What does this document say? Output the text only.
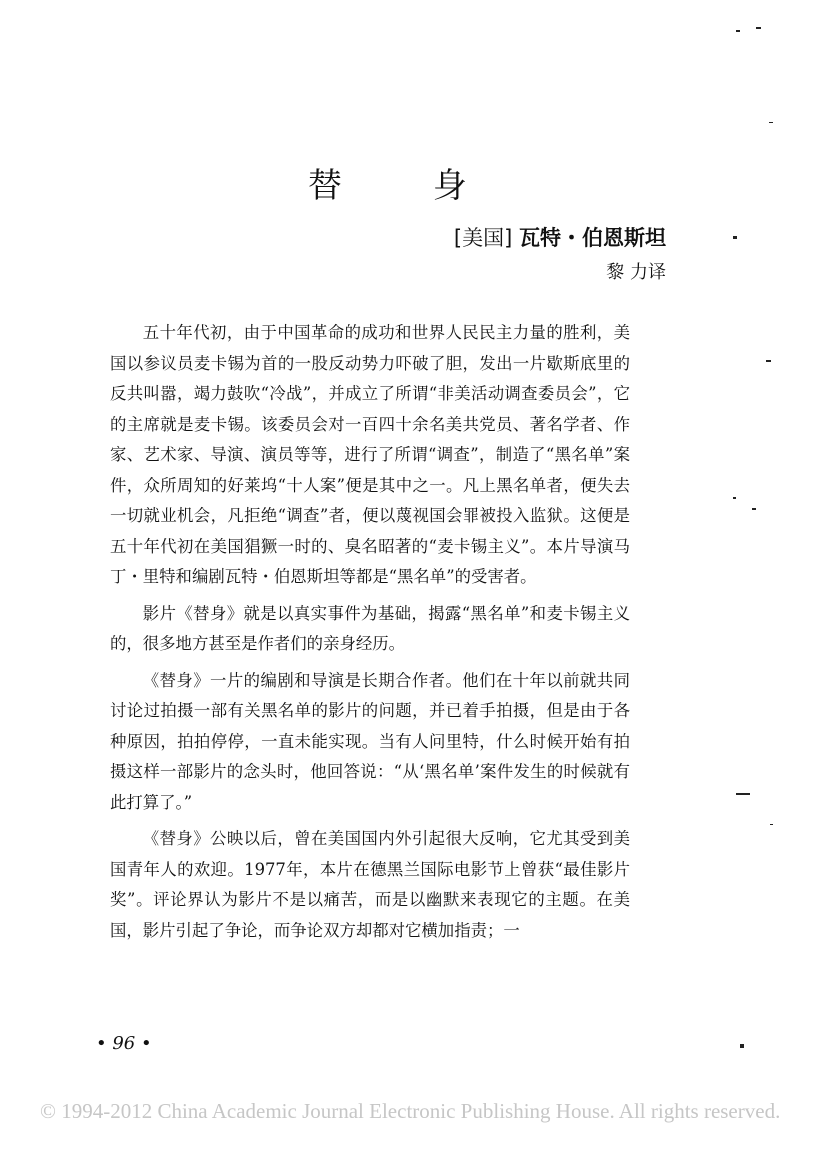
替 身
[美国] 瓦特・伯恩斯坦
黎 力译

五十年代初，由于中国革命的成功和世界人民民主力量的胜利，美国以参议员麦卡锡为首的一股反动势力吓破了胆，发出一片歇斯底里的反共叫嚣，竭力鼓吹“冷战”，并成立了所谓“非美活动调查委员会”，它的主席就是麦卡锡。该委员会对一百四十余名美共党员、著名学者、作家、艺术家、导演、演员等等，进行了所谓“调查”，制造了“黑名单”案件，众所周知的好莱坞“十人案”便是其中之一。凡上黑名单者，便失去一切就业机会，凡拒绝“调查”者，便以蔑视国会罪被投入监狱。这便是五十年代初在美国猖獗一时的、臭名昭著的“麦卡锡主义”。本片导演马丁・里特和编剧瓦特・伯恩斯坦等都是“黑名单”的受害者。

影片《替身》就是以真实事件为基础，揭露“黑名单”和麦卡锡主义的，很多地方甚至是作者们的亲身经历。

《替身》一片的编剧和导演是长期合作者。他们在十年以前就共同讨论过拍摄一部有关黑名单的影片的问题，并已着手拍摄，但是由于各种原因，拍拍停停，一直未能实现。当有人问里特，什么时候开始有拍摄这样一部影片的念头时，他回答说：“从‘黑名单’案件发生的时候就有此打算了。”

《替身》公映以后，曾在美国国内外引起很大反响，它尤其受到美国青年人的欢迎。1977年，本片在德黑兰国际电影节上曾获“最佳影片奖”。评论界认为影片不是以痛苦，而是以幽默来表现它的主题。在美国，影片引起了争论，而争论双方却都对它横加指责；一

• 96 •
© 1994-2012 China Academic Journal Electronic Publishing House. All rights reserved.
